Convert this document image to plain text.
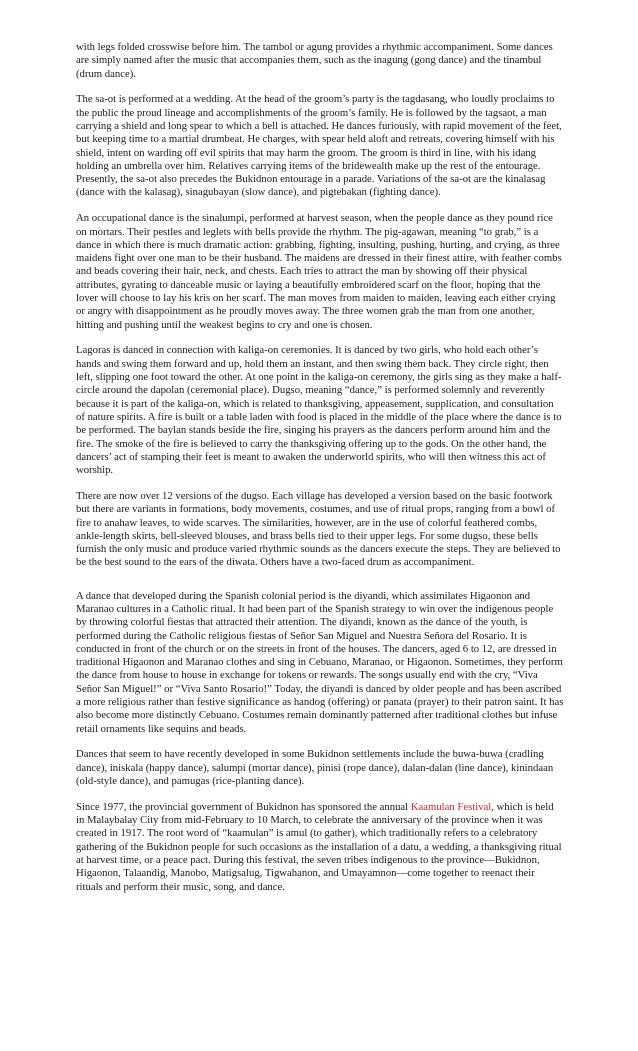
with legs folded crosswise before him. The tambol or agung provides a rhythmic accompaniment. Some dances are simply named after the music that accompanies them, such as the inagung (gong dance) and the tinambul (drum dance).

The sa-ot is performed at a wedding. At the head of the groom’s party is the tagdasang, who loudly proclaims to the public the proud lineage and accomplishments of the groom’s family. He is followed by the tagsaot, a man carrying a shield and long spear to which a bell is attached. He dances furiously, with rapid movement of the feet, but keeping time to a martial drumbeat. He charges, with spear held aloft and retreats, covering himself with his shield, intent on warding off evil spirits that may harm the groom. The groom is third in line, with his idang holding an umbrella over him. Relatives carrying items of the bridewealth make up the rest of the entourage. Presently, the sa-ot also precedes the Bukidnon entourage in a parade. Variations of the sa-ot are the kinalasag (dance with the kalasag), sinagubayan (slow dance), and pigtebakan (fighting dance).

An occupational dance is the sinalumpi, performed at harvest season, when the people dance as they pound rice on mortars. Their pestles and leglets with bells provide the rhythm. The pig-agawan, meaning “to grab,” is a dance in which there is much dramatic action: grabbing, fighting, insulting, pushing, hurting, and crying, as three maidens fight over one man to be their husband. The maidens are dressed in their finest attire, with feather combs and beads covering their hair, neck, and chests. Each tries to attract the man by showing off their physical attributes, gyrating to danceable music or laying a beautifully embroidered scarf on the floor, hoping that the lover will choose to lay his kris on her scarf. The man moves from maiden to maiden, leaving each either crying or angry with disappointment as he proudly moves away. The three women grab the man from one another, hitting and pushing until the weakest begins to cry and one is chosen.

Lagoras is danced in connection with kaliga-on ceremonies. It is danced by two girls, who hold each other’s hands and swing them forward and up, hold them an instant, and then swing them back. They circle right, then left, slipping one foot toward the other. At one point in the kaliga-on ceremony, the girls sing as they make a half-circle around the dapolan (ceremonial place). Dugso, meaning “dance,” is performed solemnly and reverently because it is part of the kaliga-on, which is related to thanksgiving, appeasement, supplication, and consultation of nature spirits. A fire is built or a table laden with food is placed in the middle of the place where the dance is to be performed. The baylan stands beside the fire, singing his prayers as the dancers perform around him and the fire. The smoke of the fire is believed to carry the thanksgiving offering up to the gods. On the other hand, the dancers’ act of stamping their feet is meant to awaken the underworld spirits, who will then witness this act of worship.

There are now over 12 versions of the dugso. Each village has developed a version based on the basic footwork but there are variants in formations, body movements, costumes, and use of ritual props, ranging from a bowl of fire to anahaw leaves, to wide scarves. The similarities, however, are in the use of colorful feathered combs, ankle-length skirts, bell-sleeved blouses, and brass bells tied to their upper legs. For some dugso, these bells furnish the only music and produce varied rhythmic sounds as the dancers execute the steps. They are believed to be the best sound to the ears of the diwata. Others have a two-faced drum as accompaniment.

A dance that developed during the Spanish colonial period is the diyandi, which assimilates Higaonon and Maranao cultures in a Catholic ritual. It had been part of the Spanish strategy to win over the indigenous people by throwing colorful fiestas that attracted their attention. The diyandi, known as the dance of the youth, is performed during the Catholic religious fiestas of Señor San Miguel and Nuestra Señora del Rosario. It is conducted in front of the church or on the streets in front of the houses. The dancers, aged 6 to 12, are dressed in traditional Higaonon and Maranao clothes and sing in Cebuano, Maranao, or Higaonon. Sometimes, they perform the dance from house to house in exchange for tokens or rewards. The songs usually end with the cry, “Viva Señor San Miguel!” or “Viva Santo Rosario!” Today, the diyandi is danced by older people and has been ascribed a more religious rather than festive significance as handog (offering) or panata (prayer) to their patron saint. It has also become more distinctly Cebuano. Costumes remain dominantly patterned after traditional clothes but infuse retail ornaments like sequins and beads.

Dances that seem to have recently developed in some Bukidnon settlements include the buwa-buwa (cradling dance), iniskala (happy dance), salumpi (mortar dance), pinisi (rope dance), dalan-dalan (line dance), kinindaan (old-style dance), and pamugas (rice-planting dance).

Since 1977, the provincial government of Bukidnon has sponsored the annual Kaamulan Festival, which is held in Malaybalay City from mid-February to 10 March, to celebrate the anniversary of the province when it was created in 1917. The root word of “kaamulan” is amul (to gather), which traditionally refers to a celebratory gathering of the Bukidnon people for such occasions as the installation of a datu, a wedding, a thanksgiving ritual at harvest time, or a peace pact. During this festival, the seven tribes indigenous to the province—Bukidnon, Higaonon, Talaandig, Manobo, Matigsalug, Tigwahanon, and Umayamnon—come together to reenact their rituals and perform their music, song, and dance.
